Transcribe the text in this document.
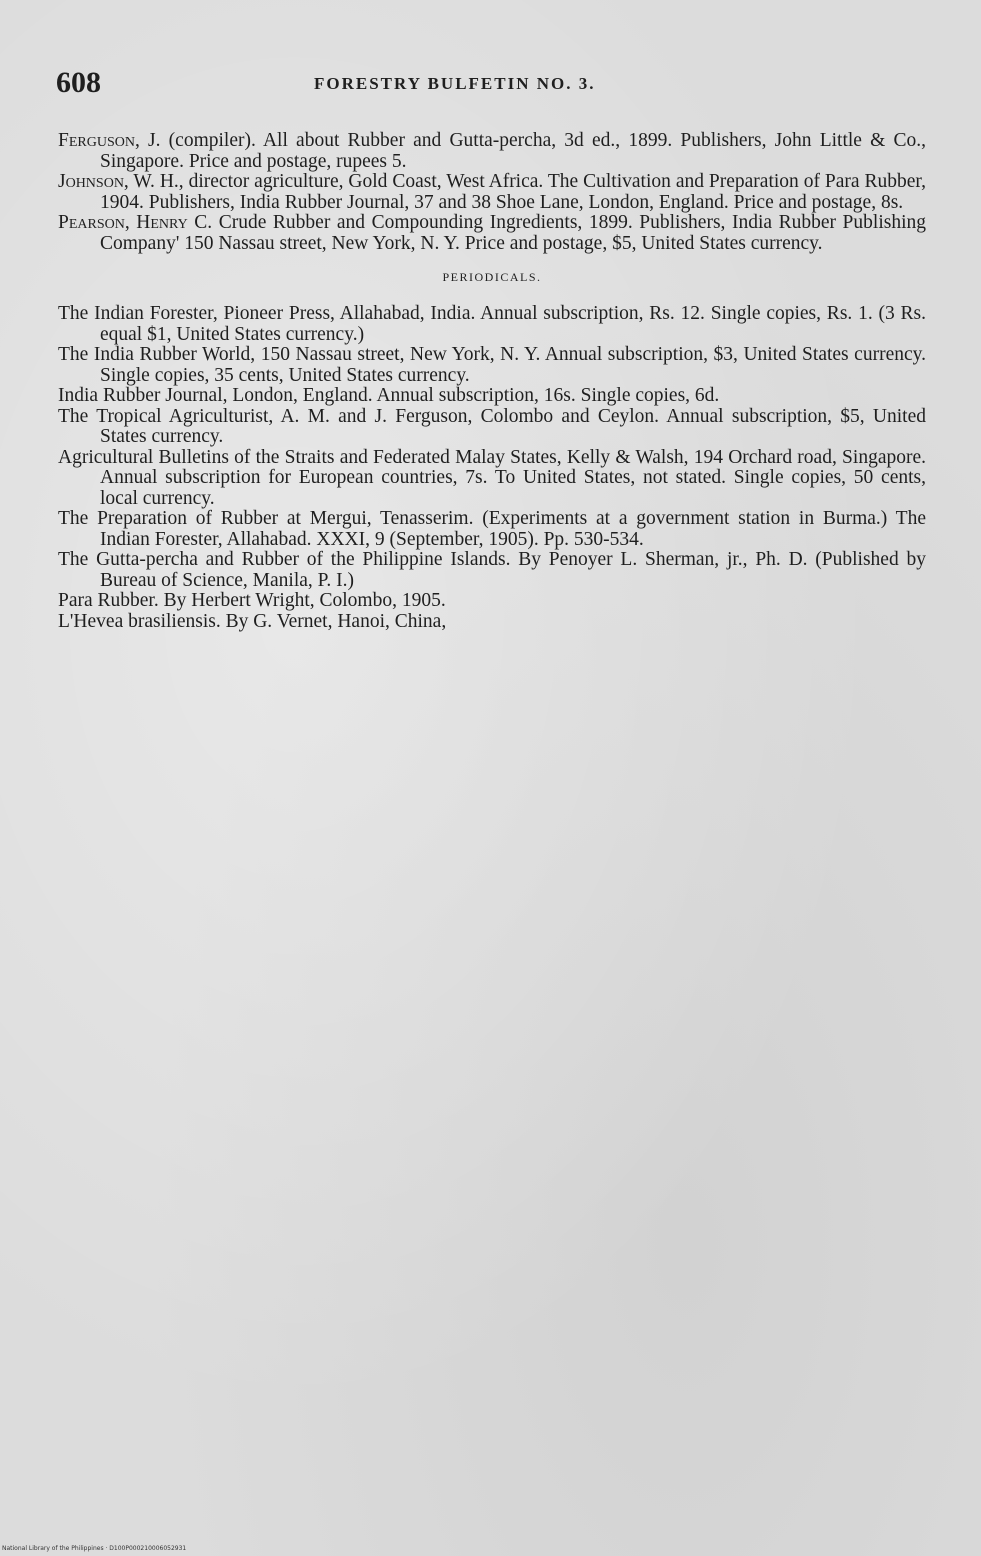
608	FORESTRY BULFETIN NO. 3.

Ferguson, J. (compiler). All about Rubber and Gutta-percha, 3d ed., 1899. Publishers, John Little & Co., Singapore. Price and postage, rupees 5.

Johnson, W. H., director agriculture, Gold Coast, West Africa. The Cultivation and Preparation of Para Rubber, 1904. Publishers, India Rubber Journal, 37 and 38 Shoe Lane, London, England. Price and postage, 8s.

Pearson, Henry C. Crude Rubber and Compounding Ingredients, 1899. Publishers, India Rubber Publishing Company' 150 Nassau street, New York, N. Y. Price and postage, $5, United States currency.

PERIODICALS.

The Indian Forester, Pioneer Press, Allahabad, India. Annual subscription, Rs. 12. Single copies, Rs. 1. (3 Rs. equal $1, United States currency.)

The India Rubber World, 150 Nassau street, New York, N. Y. Annual subscription, $3, United States currency. Single copies, 35 cents, United States currency.

India Rubber Journal, London, England. Annual subscription, 16s. Single copies, 6d.

The Tropical Agriculturist, A. M. and J. Ferguson, Colombo and Ceylon. Annual subscription, $5, United States currency.

Agricultural Bulletins of the Straits and Federated Malay States, Kelly & Walsh, 194 Orchard road, Singapore. Annual subscription for European countries, 7s. To United States, not stated. Single copies, 50 cents, local currency.

The Preparation of Rubber at Mergui, Tenasserim. (Experiments at a government station in Burma.) The Indian Forester, Allahabad. XXXI, 9 (September, 1905). Pp. 530-534.

The Gutta-percha and Rubber of the Philippine Islands. By Penoyer L. Sherman, jr., Ph. D. (Published by Bureau of Science, Manila, P. I.)

Para Rubber. By Herbert Wright, Colombo, 1905.

L'Hevea brasiliensis. By G. Vernet, Hanoi, China,

National Library of the Philippines · D100P000210006052931
